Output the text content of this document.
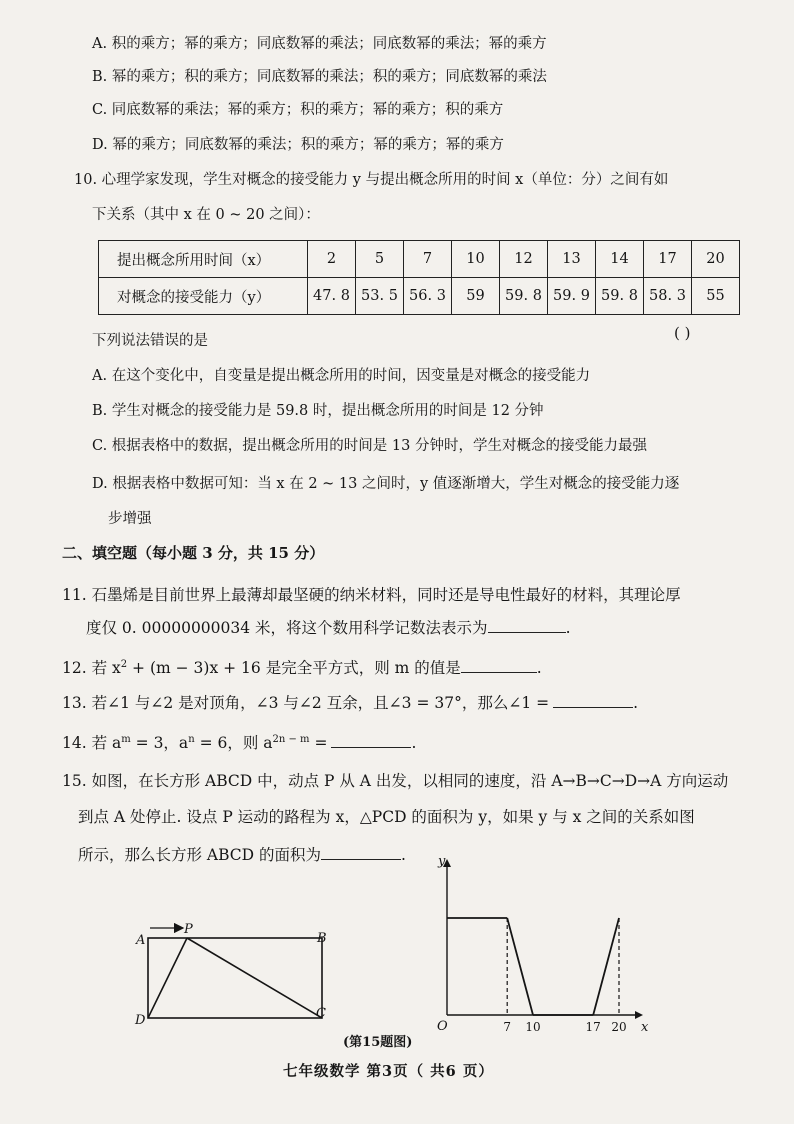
A. 积的乘方；幂的乘方；同底数幂的乘法；同底数幂的乘法；幂的乘方
B. 幂的乘方；积的乘方；同底数幂的乘法；积的乘方；同底数幂的乘法
C. 同底数幂的乘法；幂的乘方；积的乘方；幂的乘方；积的乘方
D. 幂的乘方；同底数幂的乘法；积的乘方；幂的乘方；幂的乘方
10. 心理学家发现，学生对概念的接受能力 y 与提出概念所用的时间 x（单位：分）之间有如
下关系（其中 x 在 0 ~ 20 之间）：
提出概念所用时间（x）	2	5	7	10	12	13	14	17	20
对概念的接受能力（y）	47. 8	53. 5	56. 3	59	59. 8	59. 9	59. 8	58. 3	55
下列说法错误的是	( )
A. 在这个变化中，自变量是提出概念所用的时间，因变量是对概念的接受能力
B. 学生对概念的接受能力是 59.8 时，提出概念所用的时间是 12 分钟
C. 根据表格中的数据，提出概念所用的时间是 13 分钟时，学生对概念的接受能力最强
D. 根据表格中数据可知：当 x 在 2 ~ 13 之间时，y 值逐渐增大，学生对概念的接受能力逐
步增强
二、填空题（每小题 3 分，共 15 分）
11. 石墨烯是目前世界上最薄却最坚硬的纳米材料，同时还是导电性最好的材料，其理论厚
度仅 0. 00000000034 米，将这个数用科学记数法表示为	.
12. 若 $x^2 + (m - 3)x + 16$ 是完全平方式，则 m 的值是	.
13. 若∠1 与∠2 是对顶角，∠3 与∠2 互余，且∠3 = 37°，那么∠1 =	.
14. 若 $a^m = 3$，$a^n = 6$，则 $a^{2n - m}$ =	.
15. 如图，在长方形 ABCD 中，动点 P 从 A 出发，以相同的速度，沿 A→B→C→D→A 方向运动
到点 A 处停止. 设点 P 运动的路程为 x，△PCD 的面积为 y，如果 y 与 x 之间的关系如图
所示，那么长方形 ABCD 的面积为	.
A
P
B
D	C
y
x
O	7 10	17 20
(第15题图)
七年级数学 第3页（ 共6 页）
